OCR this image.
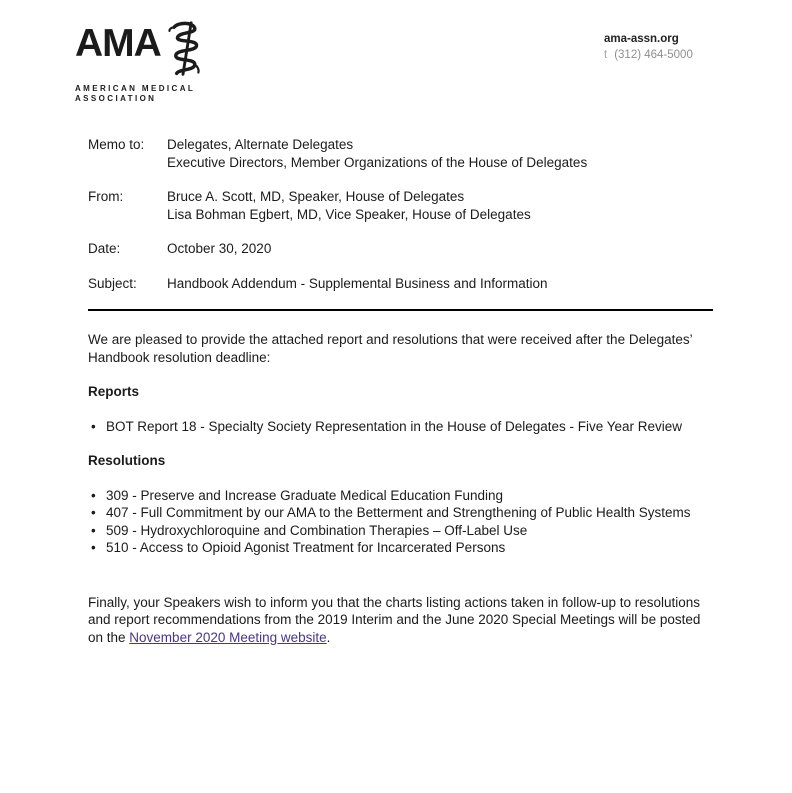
AMA
AMERICAN MEDICAL
ASSOCIATION
ama-assn.org
t (312) 464-5000
Memo to:	Delegates, Alternate Delegates
Executive Directors, Member Organizations of the House of Delegates
From:	Bruce A. Scott, MD, Speaker, House of Delegates
Lisa Bohman Egbert, MD, Vice Speaker, House of Delegates
Date:	October 30, 2020
Subject:	Handbook Addendum - Supplemental Business and Information

We are pleased to provide the attached report and resolutions that were received after the Delegates’ Handbook resolution deadline:

Reports
• BOT Report 18 - Specialty Society Representation in the House of Delegates - Five Year Review
Resolutions
• 309 - Preserve and Increase Graduate Medical Education Funding
• 407 - Full Commitment by our AMA to the Betterment and Strengthening of Public Health Systems
• 509 - Hydroxychloroquine and Combination Therapies – Off-Label Use
• 510 - Access to Opioid Agonist Treatment for Incarcerated Persons

Finally, your Speakers wish to inform you that the charts listing actions taken in follow-up to resolutions and report recommendations from the 2019 Interim and the June 2020 Special Meetings will be posted on the November 2020 Meeting website.
